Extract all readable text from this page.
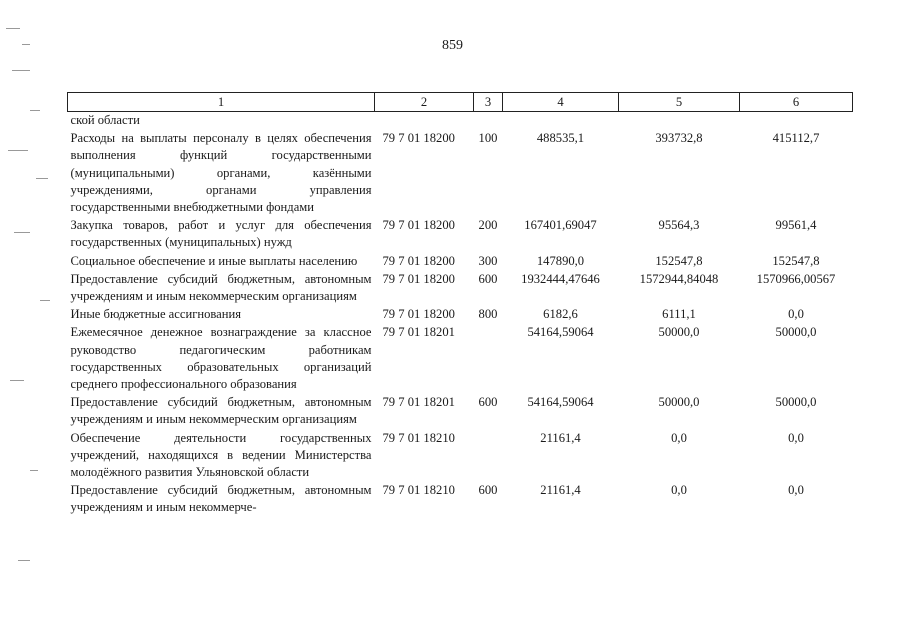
859
1	2	3	4	5	6
ской области					
Расходы на выплаты персоналу в целях обеспечения выполнения функций государственными (муниципальными) органами, казёнными учреждениями, органами управления государственными внебюджетными фондами	79 7 01 18200	100	488535,1	393732,8	415112,7
Закупка товаров, работ и услуг для обеспечения государственных (муниципальных) нужд	79 7 01 18200	200	167401,69047	95564,3	99561,4
Социальное обеспечение и иные выплаты населению	79 7 01 18200	300	147890,0	152547,8	152547,8
Предоставление субсидий бюджетным, автономным учреждениям и иным некоммерческим организациям	79 7 01 18200	600	1932444,47646	1572944,84048	1570966,00567
Иные бюджетные ассигнования	79 7 01 18200	800	6182,6	6111,1	0,0
Ежемесячное денежное вознаграждение за классное руководство педагогическим работникам государственных образовательных организаций среднего профессионального образования	79 7 01 18201		54164,59064	50000,0	50000,0
Предоставление субсидий бюджетным, автономным учреждениям и иным некоммерческим организациям	79 7 01 18201	600	54164,59064	50000,0	50000,0
Обеспечение деятельности государственных учреждений, находящихся в ведении Министерства молодёжного развития Ульяновской области	79 7 01 18210		21161,4	0,0	0,0
Предоставление субсидий бюджетным, автономным учреждениям и иным некоммерче-	79 7 01 18210	600	21161,4	0,0	0,0
